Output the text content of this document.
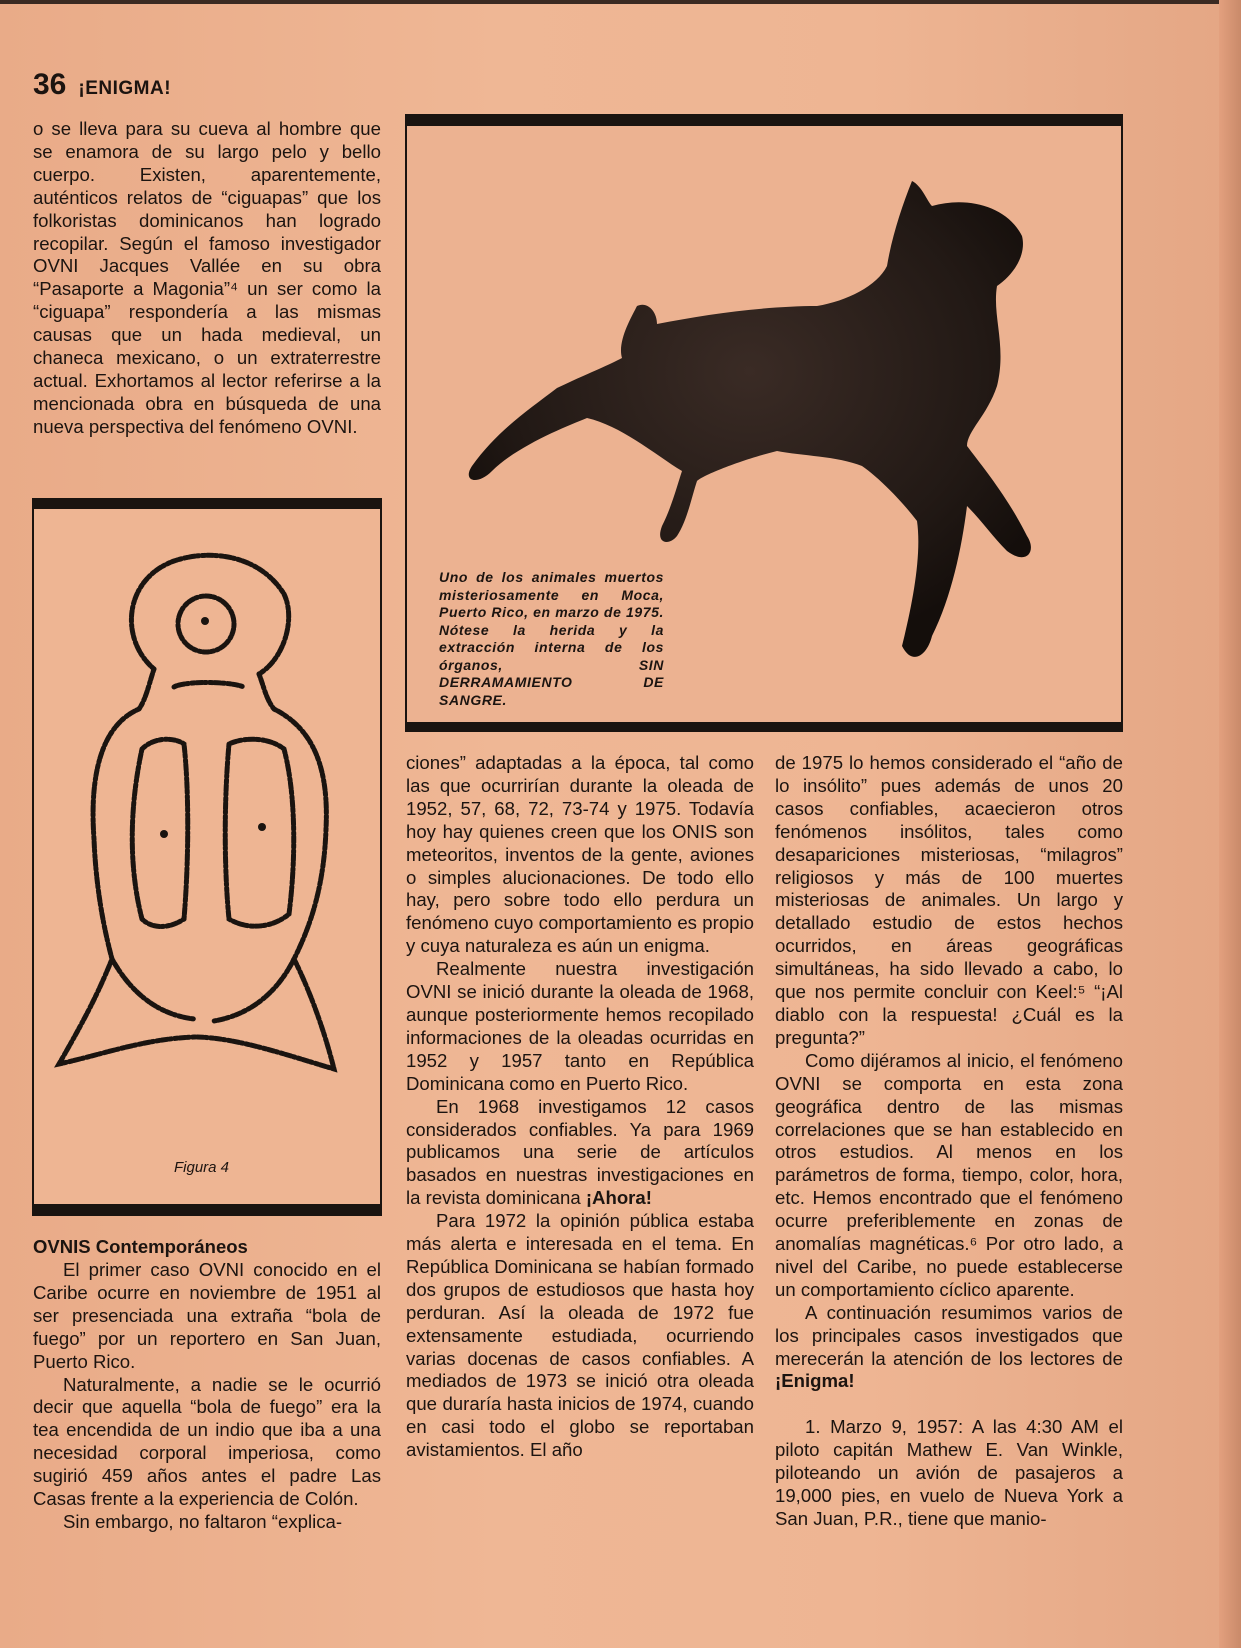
36 ¡ENIGMA!

o se lleva para su cueva al hombre que se enamora de su largo pelo y bello cuerpo. Existen, aparentemente, auténticos relatos de “ciguapas” que los folkoristas dominicanos han logrado recopilar. Según el famoso investigador OVNI Jacques Vallée en su obra “Pasaporte a Magonia”⁴ un ser como la “ciguapa” respondería a las mismas causas que un hada medieval, un chaneca mexicano, o un extraterrestre actual. Exhortamos al lector referirse a la mencionada obra en búsqueda de una nueva perspectiva del fenómeno OVNI.

Figura 4
Uno de los animales muertos misteriosamente en Moca, Puerto Rico, en marzo de 1975. Nótese la herida y la extracción interna de los órganos, SIN DERRAMAMIENTO DE SANGRE.
OVNIS Contemporáneos

El primer caso OVNI conocido en el Caribe ocurre en noviembre de 1951 al ser presenciada una extraña “bola de fuego” por un reportero en San Juan, Puerto Rico.

Naturalmente, a nadie se le ocurrió decir que aquella “bola de fuego” era la tea encendida de un indio que iba a una necesidad corporal imperiosa, como sugirió 459 años antes el padre Las Casas frente a la experiencia de Colón.

Sin embargo, no faltaron “explica-

ciones” adaptadas a la época, tal como las que ocurrirían durante la oleada de 1952, 57, 68, 72, 73-74 y 1975. Todavía hoy hay quienes creen que los ONIS son meteoritos, inventos de la gente, aviones o simples alucionaciones. De todo ello hay, pero sobre todo ello perdura un fenómeno cuyo comportamiento es propio y cuya naturaleza es aún un enigma.

Realmente nuestra investigación OVNI se inició durante la oleada de 1968, aunque posteriormente hemos recopilado informaciones de la oleadas ocurridas en 1952 y 1957 tanto en República Dominicana como en Puerto Rico.

En 1968 investigamos 12 casos considerados confiables. Ya para 1969 publicamos una serie de artículos basados en nuestras investigaciones en la revista dominicana ¡Ahora!

Para 1972 la opinión pública estaba más alerta e interesada en el tema. En República Dominicana se habían formado dos grupos de estudiosos que hasta hoy perduran. Así la oleada de 1972 fue extensamente estudiada, ocurriendo varias docenas de casos confiables. A mediados de 1973 se inició otra oleada que duraría hasta inicios de 1974, cuando en casi todo el globo se reportaban avistamientos. El año

de 1975 lo hemos considerado el “año de lo insólito” pues además de unos 20 casos confiables, acaecieron otros fenómenos insólitos, tales como desapariciones misteriosas, “milagros” religiosos y más de 100 muertes misteriosas de animales. Un largo y detallado estudio de estos hechos ocurridos, en áreas geográficas simultáneas, ha sido llevado a cabo, lo que nos permite concluir con Keel:⁵ “¡Al diablo con la respuesta! ¿Cuál es la pregunta?”

Como dijéramos al inicio, el fenómeno OVNI se comporta en esta zona geográfica dentro de las mismas correlaciones que se han establecido en otros estudios. Al menos en los parámetros de forma, tiempo, color, hora, etc. Hemos encontrado que el fenómeno ocurre preferiblemente en zonas de anomalías magnéticas.⁶ Por otro lado, a nivel del Caribe, no puede establecerse un comportamiento cíclico aparente.

A continuación resumimos varios de los principales casos investigados que merecerán la atención de los lectores de ¡Enigma!

1. Marzo 9, 1957: A las 4:30 AM el piloto capitán Mathew E. Van Winkle, piloteando un avión de pasajeros a 19,000 pies, en vuelo de Nueva York a San Juan, P.R., tiene que manio-
